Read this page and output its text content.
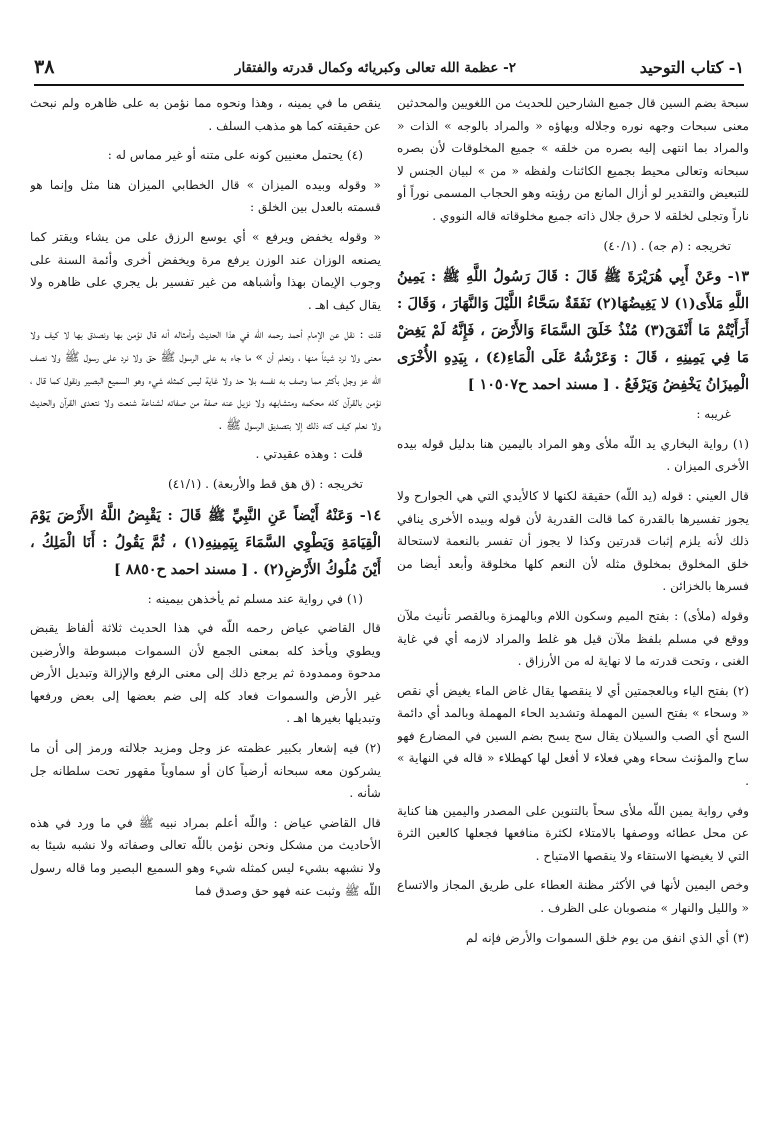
١- كتاب التوحيد
٢- عظمة الله تعالى وكبريائه وكمال قدرته والفتقار
٣٨

سبحة بضم السين قال جميع الشارحين للحديث من اللغويين والمحدثين معنى سبحات وجهه نوره وجلاله وبهاؤه « والمراد بالوجه » الذات « والمراد بما انتهى إليه بصره من خلقه » جميع المخلوقات لأن بصره سبحانه وتعالى محيط بجميع الكائنات ولفظه « من » لبيان الجنس لا للتبعيض والتقدير لو أزال المانع من رؤيته وهو الحجاب المسمى نوراً أو ناراً وتجلى لخلقه لا حرق جلال ذاته جميع مخلوقاته قاله النووي .

تخريجه : (م جه) . (٤٠/١)

١٣- وعَنْ أَبِي هُرَيْرَةَ ﷺ قَالَ : قَالَ رَسُولُ اللَّهِ ﷺ : يَمِينُ اللَّهِ مَلأَى(١) لا يَغِيضُهَا(٢) نَفَقَةٌ سَحَّاءُ اللَّيْلَ وَالنَّهَارَ ، وَقَالَ : أَرَأَيْتُمْ مَا أَنْفَقَ(٣) مُنْذُ خَلَقَ السَّمَاءَ وَالأَرْضَ ، فَإِنَّهُ لَمْ يَغِضْ مَا فِي يَمِينِهِ ، قَالَ : وَعَرْشُهُ عَلَى الْمَاءِ(٤) ، بِيَدِهِ الأُخْرَى الْمِيزَانُ يَخْفِضُ وَيَرْفَعُ . [ مسند احمد ح١٠٥٠٧ ]

غريبه :

(١) رواية البخاري يد اللّه ملأى وهو المراد باليمين هنا بدليل قوله بيده الأخرى الميزان .

قال العيني : قوله (يد اللّه) حقيقة لكنها لا كالأيدي التي هي الجوارح ولا يجوز تفسيرها بالقدرة كما قالت القدرية لأن قوله وبيده الأخرى ينافي ذلك لأنه يلزم إثبات قدرتين وكذا لا يجوز أن تفسر بالنعمة لاستحالة خلق المخلوق بمخلوق مثله لأن النعم كلها مخلوقة وأبعد أيضا من فسرها بالخزائن .

وقوله (ملأى) : بفتح الميم وسكون اللام وبالهمزة وبالقصر تأنيث ملآن ووقع في مسلم بلفظ ملآن قيل هو غلط والمراد لازمه أي في غاية الغنى ، وتحت قدرته ما لا نهاية له من الأرزاق .

(٢) بفتح الياء وبالعجمتين أي لا ينقصها يقال غاض الماء يغيض أي نقص « وسحاء » بفتح السين المهملة وتشديد الحاء المهملة وبالمد أي دائمة السح أي الصب والسيلان يقال سح يسح بضم السين في المضارع فهو ساح والمؤنث سحاء وهي فعلاء لا أفعل لها كهطلاء « قاله في النهاية » .

وفي رواية يمين اللّه ملأى سحاً بالتنوين على المصدر واليمين هنا كناية عن محل عطائه ووصفها بالامتلاء لكثرة منافعها فجعلها كالعين الثرة التي لا يغيضها الاستقاء ولا ينقصها الامتياح .

وخص اليمين لأنها في الأكثر مظنة العطاء على طريق المجاز والاتساع « والليل والنهار » منصوبان على الظرف .

(٣) أي الذي انفق من يوم خلق السموات والأرض فإنه لم

ينقص ما في يمينه ، وهذا ونحوه مما نؤمن به على ظاهره ولم نبحث عن حقيقته كما هو مذهب السلف .

(٤) يحتمل معنيين كونه على متنه أو غير مماس له :

« وقوله وبيده الميزان » قال الخطابي الميزان هنا مثل وإنما هو قسمته بالعدل بين الخلق :

« وقوله يخفض ويرفع » أي يوسع الرزق على من يشاء ويقتر كما يصنعه الوزان عند الوزن يرفع مرة ويخفض أخرى وأئمة السنة على وجوب الإيمان بهذا وأشباهه من غير تفسير بل يجري على ظاهره ولا يقال كيف اهـ .

قلت : نقل عن الإمام أحمد رحمه اللّه في هذا الحديث وأمثاله أنه قال نؤمن بها ونصدق بها لا كيف ولا معنى ولا نرد شيئاً منها ، ونعلم أن » ما جاء به على الرسول ﷺ حق ولا نرد على رسول ﷺ ولا نصف اللّه عز وجل بأكثر مما وصف به نفسه بلا حد ولا غاية ليس كمثله شيء وهو السميع البصير ونقول كما قال ، نؤمن بالقرآن كله محكمه ومتشابهه ولا نزيل عنه صفة من صفاته لشناعة شنعت ولا نتعدى القرآن والحديث ولا نعلم كيف كنه ذلك إلا بتصديق الرسول ﷺ .

قلت : وهذه عقيدتي .

تخريجه : (ق هق قط والأربعة) . (٤١/١)

١٤- وَعَنْهُ أَيْضاً عَنِ النَّبِيِّ ﷺ قَالَ : يَقْبِضُ اللَّهُ الأَرْضَ يَوْمَ الْقِيَامَةِ وَيَطْوِي السَّمَاءَ بِيَمِينِهِ(١) ، ثُمَّ يَقُولُ : أَنَا الْمَلِكُ ، أَيْنَ مُلُوكُ الأَرْضِ(٢) . [ مسند احمد ح٨٨٥٠ ]

(١) في رواية عند مسلم ثم يأخذهن بيمينه :

قال القاضي عياض رحمه اللّه في هذا الحديث ثلاثة ألفاظ يقبض ويطوي ويأخذ كله بمعنى الجمع لأن السموات مبسوطة والأرضين مدحوة وممدودة ثم يرجع ذلك إلى معنى الرفع والإزالة وتبديل الأرض غير الأرض والسموات فعاد كله إلى ضم بعضها إلى بعض ورفعها وتبديلها بغيرها اهـ .

(٢) فيه إشعار بكبير عظمته عز وجل ومزيد جلالته ورمز إلى أن ما يشركون معه سبحانه أرضياً كان أو سماوياً مقهور تحت سلطانه جل شأنه .

قال القاضي عياض : واللّه أعلم بمراد نبيه ﷺ في ما ورد في هذه الأحاديث من مشكل ونحن نؤمن باللّه تعالى وصفاته ولا نشبه شيئا به ولا نشبهه بشيء ليس كمثله شيء وهو السميع البصير وما قاله رسول اللّه ﷺ وثبت عنه فهو حق وصدق فما
